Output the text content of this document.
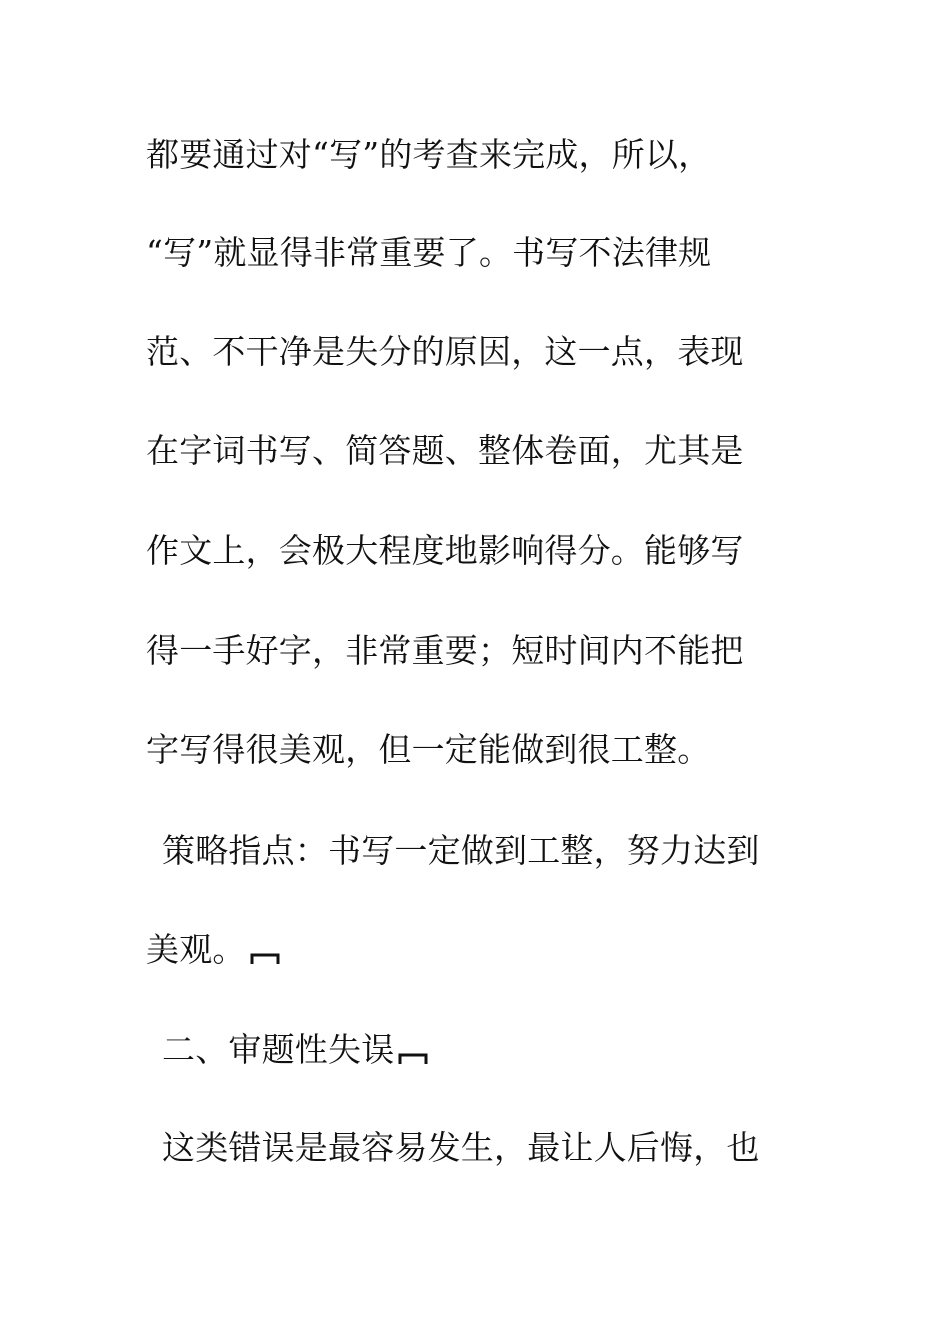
都要通过对“写”的考查来完成，所以，
“写”就显得非常重要了。书写不法律规
范、不干净是失分的原因，这一点，表现
在字词书写、简答题、整体卷面，尤其是
作文上，会极大程度地影响得分。能够写
得一手好字，非常重要；短时间内不能把
字写得很美观，但一定能做到很工整。
策略指点：书写一定做到工整，努力达到
美观。
二、审题性失误
这类错误是最容易发生，最让人后悔，也
